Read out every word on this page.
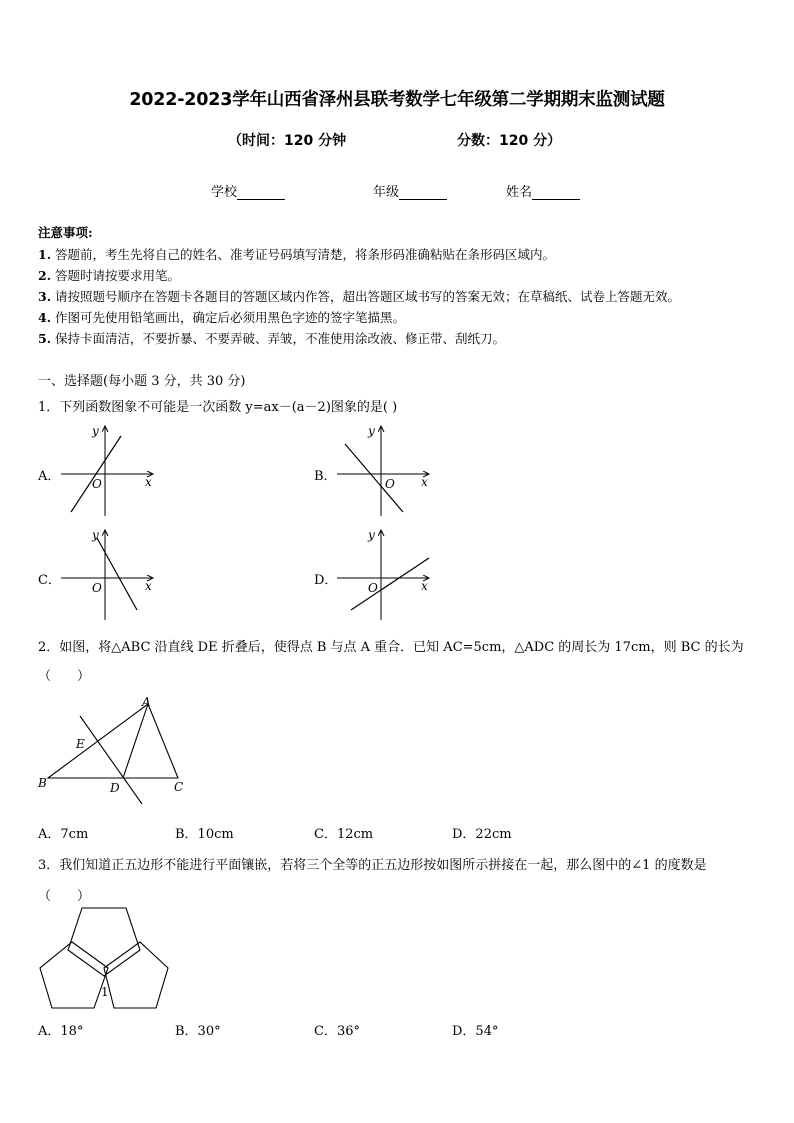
2022-2023学年山西省泽州县联考数学七年级第二学期期末监测试题
（时间：120 分钟	分数：120 分）
学校	年级	姓名
注意事项:
1. 答题前，考生先将自己的姓名、准考证号码填写清楚，将条形码准确粘贴在条形码区域内。
2. 答题时请按要求用笔。
3. 请按照题号顺序在答题卡各题目的答题区域内作答，超出答题区域书写的答案无效；在草稿纸、试卷上答题无效。
4. 作图可先使用铅笔画出，确定后必须用黑色字迹的签字笔描黑。
5. 保持卡面清洁，不要折暴、不要弄破、弄皱，不准使用涂改液、修正带、刮纸刀。
一、选择题(每小题 3 分，共 30 分)
1．下列函数图象不可能是一次函数 y=ax－(a－2)图象的是( )
A．	B．
C．	D．
x
y
O	x
y
O
x
y
O	x
y
O
2．如图，将△ABC 沿直线 DE 折叠后，使得点 B 与点 A 重合．已知 AC=5cm，△ADC 的周长为 17cm，则 BC 的长为
（　　）
A
B	C
D
E
A．7cm	B．10cm	C．12cm	D．22cm
3．我们知道正五边形不能进行平面镶嵌，若将三个全等的正五边形按如图所示拼接在一起，那么图中的∠1 的度数是
（　　）
1
A．18°	B．30°	C．36°	D．54°
